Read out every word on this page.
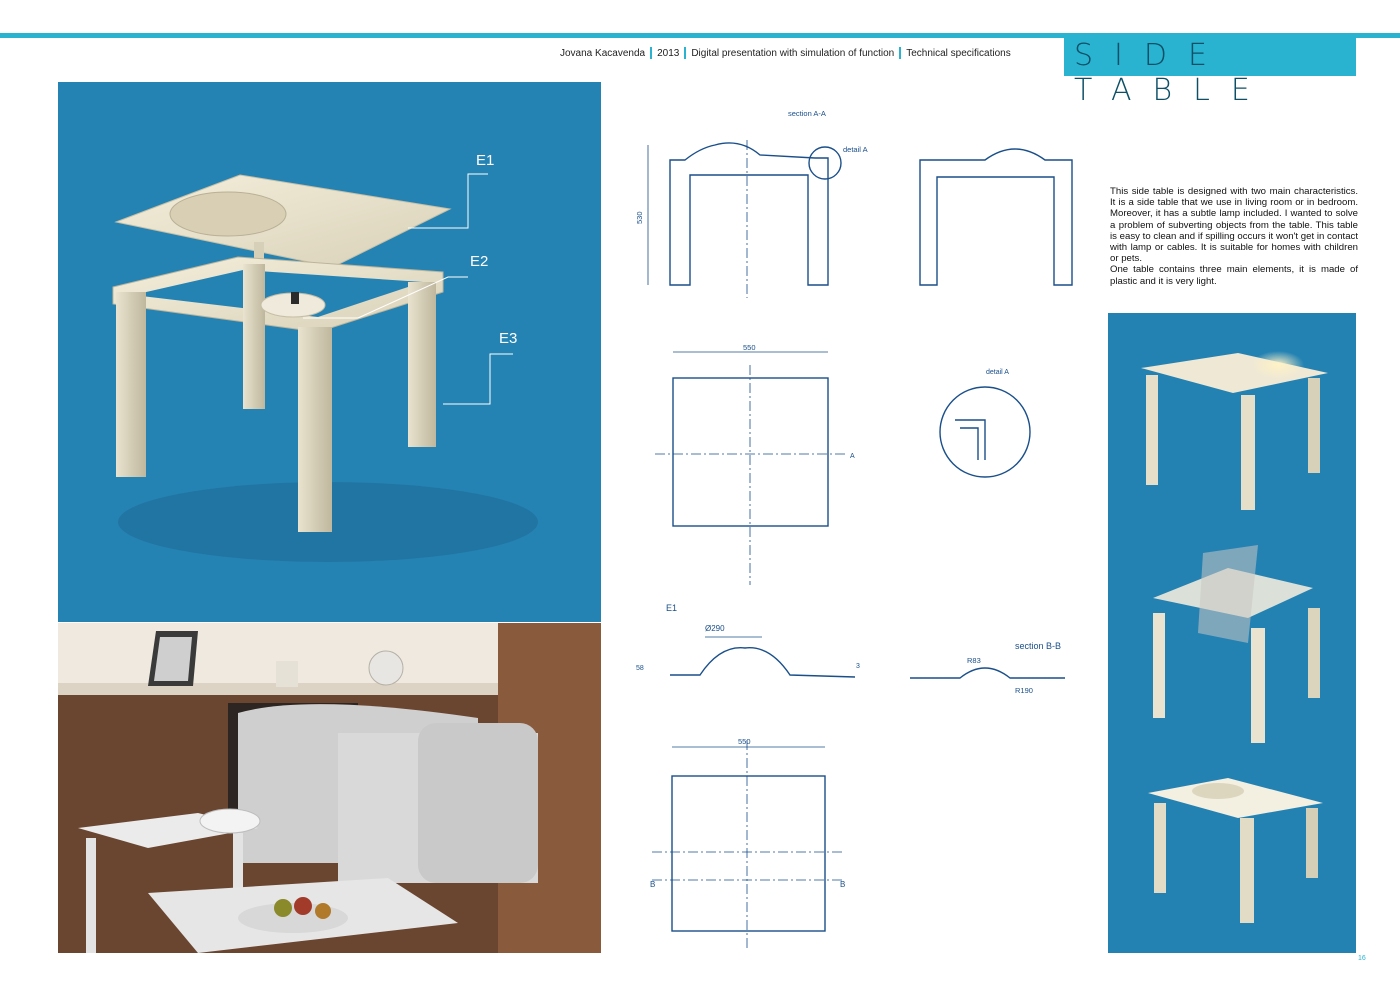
Jovana Kacavenda 2013 Digital presentation with simulation of function Technical specifications SIDE TABLE
E1
E2
E3
section A-A
detail A
530
550
A
detail A
E1
Ø290
58	3
section B-B
R83
R190
550
B	B

This side table is designed with two main characteristics. It is a side table that we use in living room or in bedroom. Moreover, it has a subtle lamp included. I wanted to solve a problem of subverting objects from the table. This table is easy to clean and if spilling occurs it won't get in contact with lamp or cables. It is suitable for homes with children or pets.

One table contains three main elements, it is made of plastic and it is very light.

16
